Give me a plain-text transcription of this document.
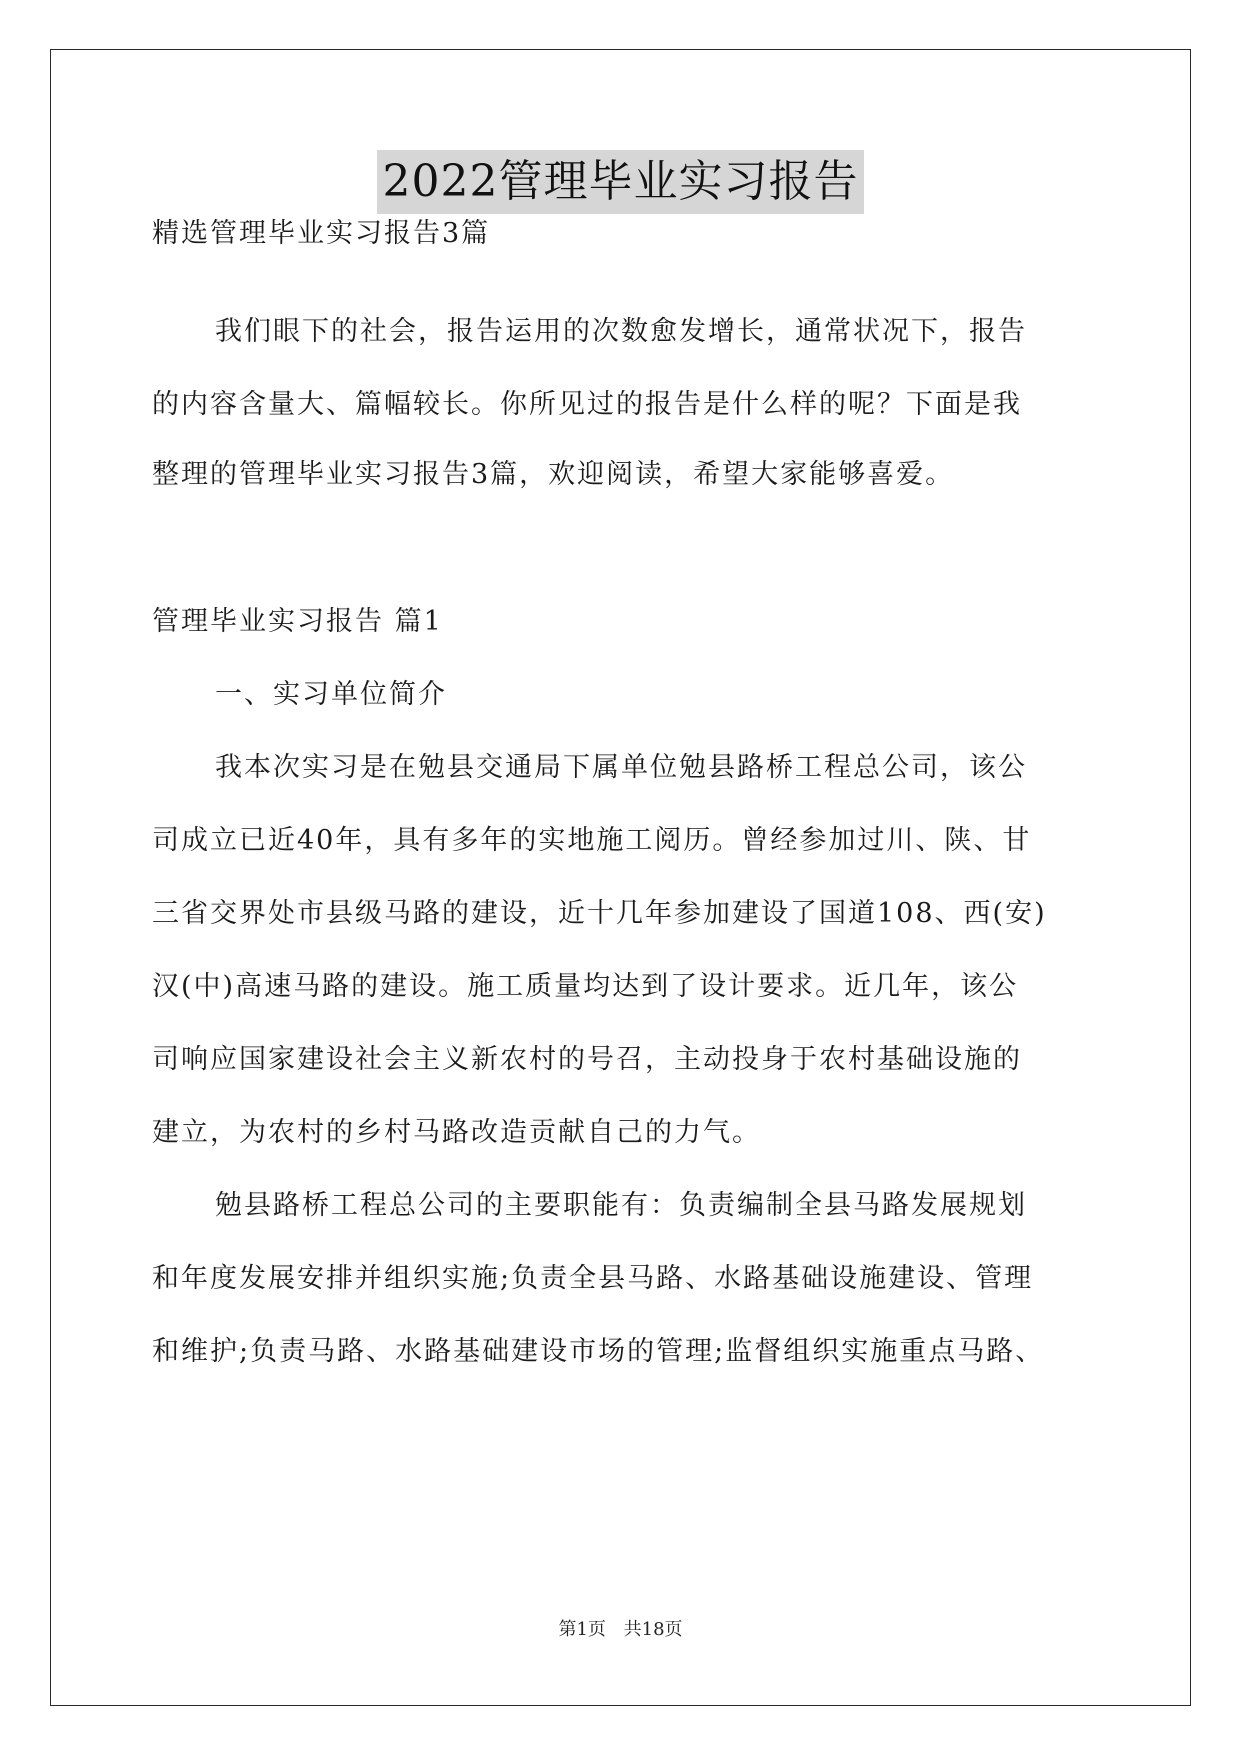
2022管理毕业实习报告
精选管理毕业实习报告3篇
我们眼下的社会，报告运用的次数愈发增长，通常状况下，报告
的内容含量大、篇幅较长。你所见过的报告是什么样的呢？下面是我
整理的管理毕业实习报告3篇，欢迎阅读，希望大家能够喜爱。
管理毕业实习报告 篇1
一、实习单位简介
我本次实习是在勉县交通局下属单位勉县路桥工程总公司，该公
司成立已近40年，具有多年的实地施工阅历。曾经参加过川、陕、甘
三省交界处市县级马路的建设，近十几年参加建设了国道108、西(安)
汉(中)高速马路的建设。施工质量均达到了设计要求。近几年，该公
司响应国家建设社会主义新农村的号召，主动投身于农村基础设施的
建立，为农村的乡村马路改造贡献自己的力气。
勉县路桥工程总公司的主要职能有：负责编制全县马路发展规划
和年度发展安排并组织实施;负责全县马路、水路基础设施建设、管理
和维护;负责马路、水路基础建设市场的管理;监督组织实施重点马路、
第1页 共18页
